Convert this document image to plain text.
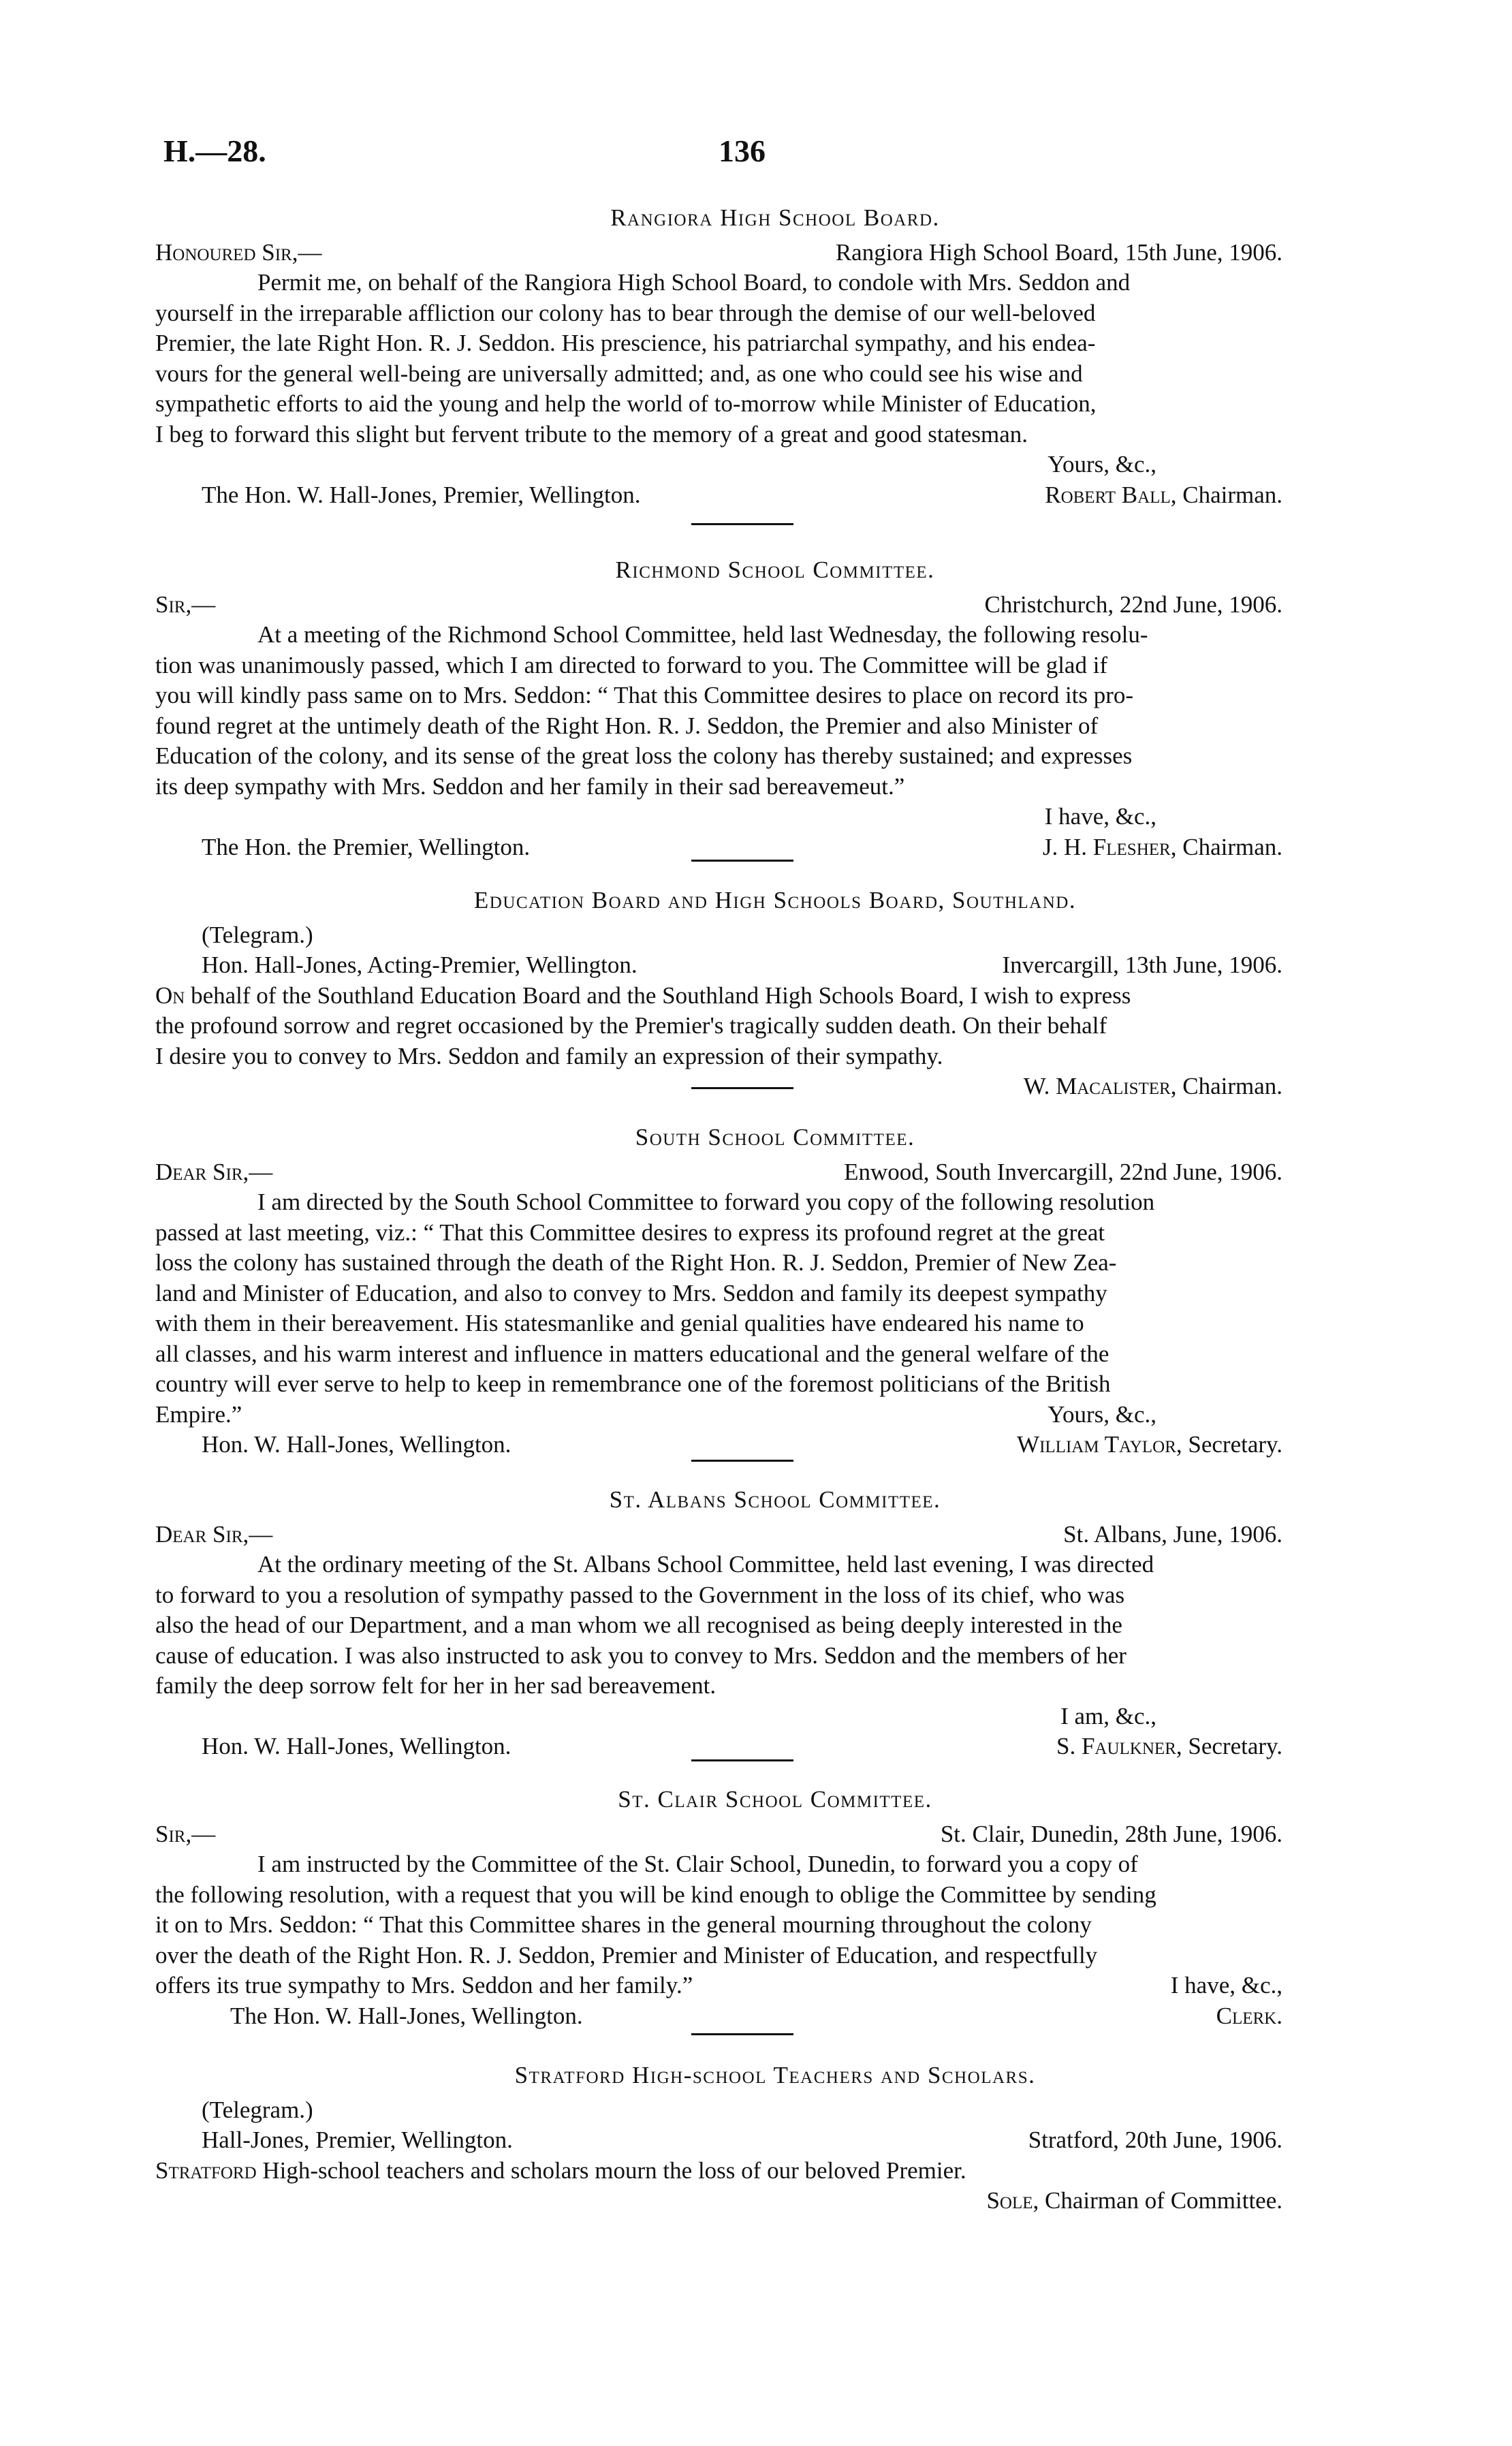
H.—28.	136
Rangiora High School Board.
Honoured Sir,—	Rangiora High School Board, 15th June, 1906.
Permit me, on behalf of the Rangiora High School Board, to condole with Mrs. Seddon and
yourself in the irreparable affliction our colony has to bear through the demise of our well-beloved
Premier, the late Right Hon. R. J. Seddon. His prescience, his patriarchal sympathy, and his endea-
vours for the general well-being are universally admitted; and, as one who could see his wise and
sympathetic efforts to aid the young and help the world of to-morrow while Minister of Education,
I beg to forward this slight but fervent tribute to the memory of a great and good statesman.
Yours, &c.,
The Hon. W. Hall-Jones, Premier, Wellington.	Robert Ball, Chairman.
Richmond School Committee.
Sir,—	Christchurch, 22nd June, 1906.
At a meeting of the Richmond School Committee, held last Wednesday, the following resolu-
tion was unanimously passed, which I am directed to forward to you. The Committee will be glad if
you will kindly pass same on to Mrs. Seddon: “ That this Committee desires to place on record its pro-
found regret at the untimely death of the Right Hon. R. J. Seddon, the Premier and also Minister of
Education of the colony, and its sense of the great loss the colony has thereby sustained; and expresses
its deep sympathy with Mrs. Seddon and her family in their sad bereavemeut.”
I have, &c.,
The Hon. the Premier, Wellington.	J. H. Flesher, Chairman.
Education Board and High Schools Board, Southland.
(Telegram.)
Hon. Hall-Jones, Acting-Premier, Wellington.	Invercargill, 13th June, 1906.
On behalf of the Southland Education Board and the Southland High Schools Board, I wish to express
the profound sorrow and regret occasioned by the Premier's tragically sudden death. On their behalf
I desire you to convey to Mrs. Seddon and family an expression of their sympathy.
W. Macalister, Chairman.
South School Committee.
Dear Sir,—	Enwood, South Invercargill, 22nd June, 1906.
I am directed by the South School Committee to forward you copy of the following resolution
passed at last meeting, viz.: “ That this Committee desires to express its profound regret at the great
loss the colony has sustained through the death of the Right Hon. R. J. Seddon, Premier of New Zea-
land and Minister of Education, and also to convey to Mrs. Seddon and family its deepest sympathy
with them in their bereavement. His statesmanlike and genial qualities have endeared his name to
all classes, and his warm interest and influence in matters educational and the general welfare of the
country will ever serve to help to keep in remembrance one of the foremost politicians of the British
Empire.”	Yours, &c.,
Hon. W. Hall-Jones, Wellington.	William Taylor, Secretary.
St. Albans School Committee.
Dear Sir,—	St. Albans, June, 1906.
At the ordinary meeting of the St. Albans School Committee, held last evening, I was directed
to forward to you a resolution of sympathy passed to the Government in the loss of its chief, who was
also the head of our Department, and a man whom we all recognised as being deeply interested in the
cause of education. I was also instructed to ask you to convey to Mrs. Seddon and the members of her
family the deep sorrow felt for her in her sad bereavement.
I am, &c.,
Hon. W. Hall-Jones, Wellington.	S. Faulkner, Secretary.
St. Clair School Committee.
Sir,—	St. Clair, Dunedin, 28th June, 1906.
I am instructed by the Committee of the St. Clair School, Dunedin, to forward you a copy of
the following resolution, with a request that you will be kind enough to oblige the Committee by sending
it on to Mrs. Seddon: “ That this Committee shares in the general mourning throughout the colony
over the death of the Right Hon. R. J. Seddon, Premier and Minister of Education, and respectfully
offers its true sympathy to Mrs. Seddon and her family.”	I have, &c.,
The Hon. W. Hall-Jones, Wellington.	Clerk.
Stratford High-school Teachers and Scholars.
(Telegram.)
Hall-Jones, Premier, Wellington.	Stratford, 20th June, 1906.
Stratford High-school teachers and scholars mourn the loss of our beloved Premier.
Sole, Chairman of Committee.
